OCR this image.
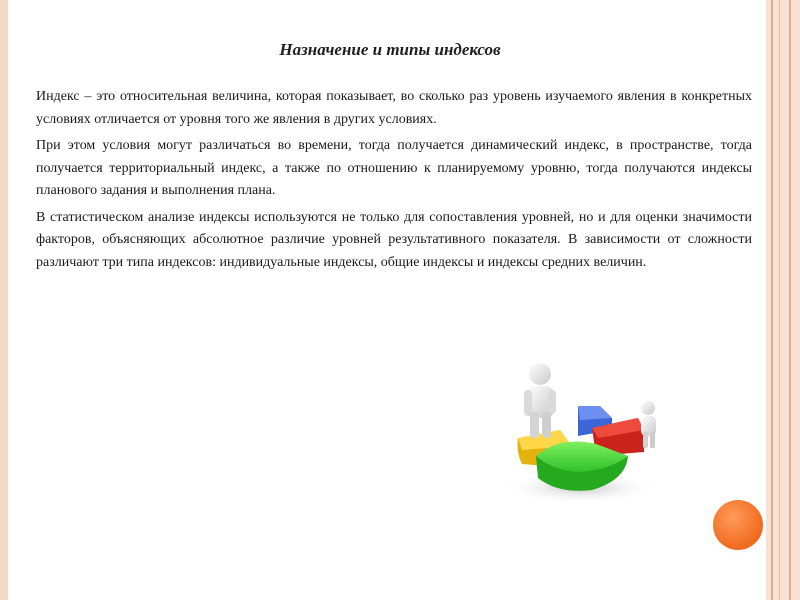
Назначение и типы индексов

Индекс – это относительная величина, которая показывает, во сколько раз уровень изучаемого явления в конкретных условиях отличается от уровня того же явления в других условиях.

При этом условия могут различаться во времени, тогда получается динамический индекс, в пространстве, тогда получается территориальный индекс, а также по отношению к планируемому уровню, тогда получаются индексы планового задания и выполнения плана.

В статистическом анализе индексы используются не только для сопоставления уровней, но и для оценки значимости факторов, объясняющих абсолютное различие уровней результативного показателя. В зависимости от сложности различают три типа индексов: индивидуальные индексы, общие индексы и индексы средних величин.
